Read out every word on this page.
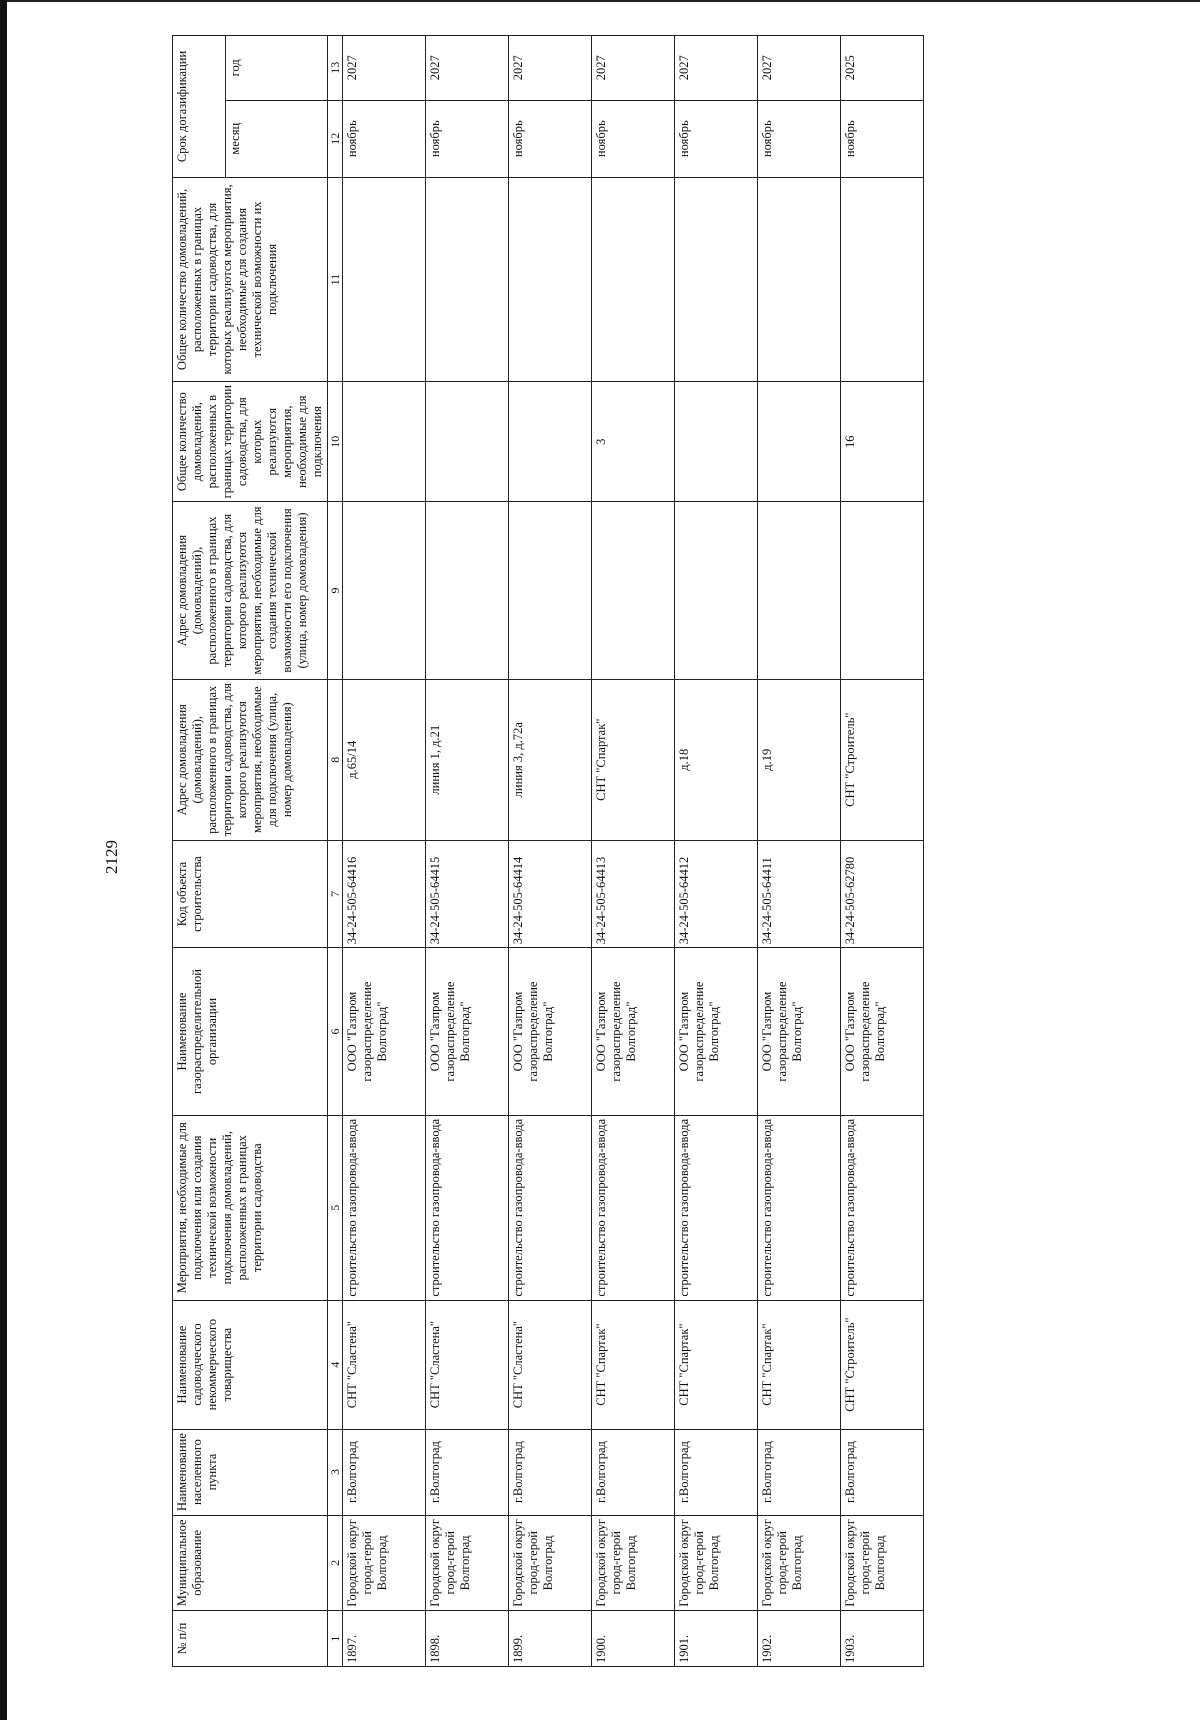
2129
№ п/п	Муниципальное образование	Наименование населенного пункта	Наименование садоводческого некоммерческого товарищества	Мероприятия, необходимые для подключения или создания технической возможности подключения домовладений, расположенных в границах территории садоводства	Наименование газораспределительной организации	Код объекта строительства	Адрес домовладения (домовладений), расположенного в границах территории садоводства, для которого реализуются мероприятия, необходимые для подключения (улица, номер домовладения)	Адрес домовладения (домовладений), расположенного в границах территории садоводства, для которого реализуются мероприятия, необходимые для создания технической возможности его подключения (улица, номер домовладения)	Общее количество домовладений, расположенных в границах территории садоводства, для которых реализуются мероприятия, необходимые для подключения	Общее количество домовладений, расположенных в границах территории садоводства, для которых реализуются мероприятия, необходимые для создания технической возможности их подключения	Срок догазификации	
											месяц	год
1	2	3	4	5	6	7	8	9	10	11	12	13
1897.	Городской округ город-герой Волгоград	г.Волгоград	СНТ "Сластена"	строительство газопровода-ввода	ООО "Газпром газораспределение Волгоград"	34-24-505-64416	д.65/14				ноябрь	2027
1898.	Городской округ город-герой Волгоград	г.Волгоград	СНТ "Сластена"	строительство газопровода-ввода	ООО "Газпром газораспределение Волгоград"	34-24-505-64415	линия 1, д.21				ноябрь	2027
1899.	Городской округ город-герой Волгоград	г.Волгоград	СНТ "Сластена"	строительство газопровода-ввода	ООО "Газпром газораспределение Волгоград"	34-24-505-64414	линия 3, д.72а				ноябрь	2027
1900.	Городской округ город-герой Волгоград	г.Волгоград	СНТ "Спартак"	строительство газопровода-ввода	ООО "Газпром газораспределение Волгоград"	34-24-505-64413	СНТ "Спартак"		3		ноябрь	2027
1901.	Городской округ город-герой Волгоград	г.Волгоград	СНТ "Спартак"	строительство газопровода-ввода	ООО "Газпром газораспределение Волгоград"	34-24-505-64412	д.18				ноябрь	2027
1902.	Городской округ город-герой Волгоград	г.Волгоград	СНТ "Спартак"	строительство газопровода-ввода	ООО "Газпром газораспределение Волгоград"	34-24-505-64411	д.19				ноябрь	2027
1903.	Городской округ город-герой Волгоград	г.Волгоград	СНТ "Строитель"	строительство газопровода-ввода	ООО "Газпром газораспределение Волгоград"	34-24-505-62780	СНТ "Строитель"		16		ноябрь	2025
